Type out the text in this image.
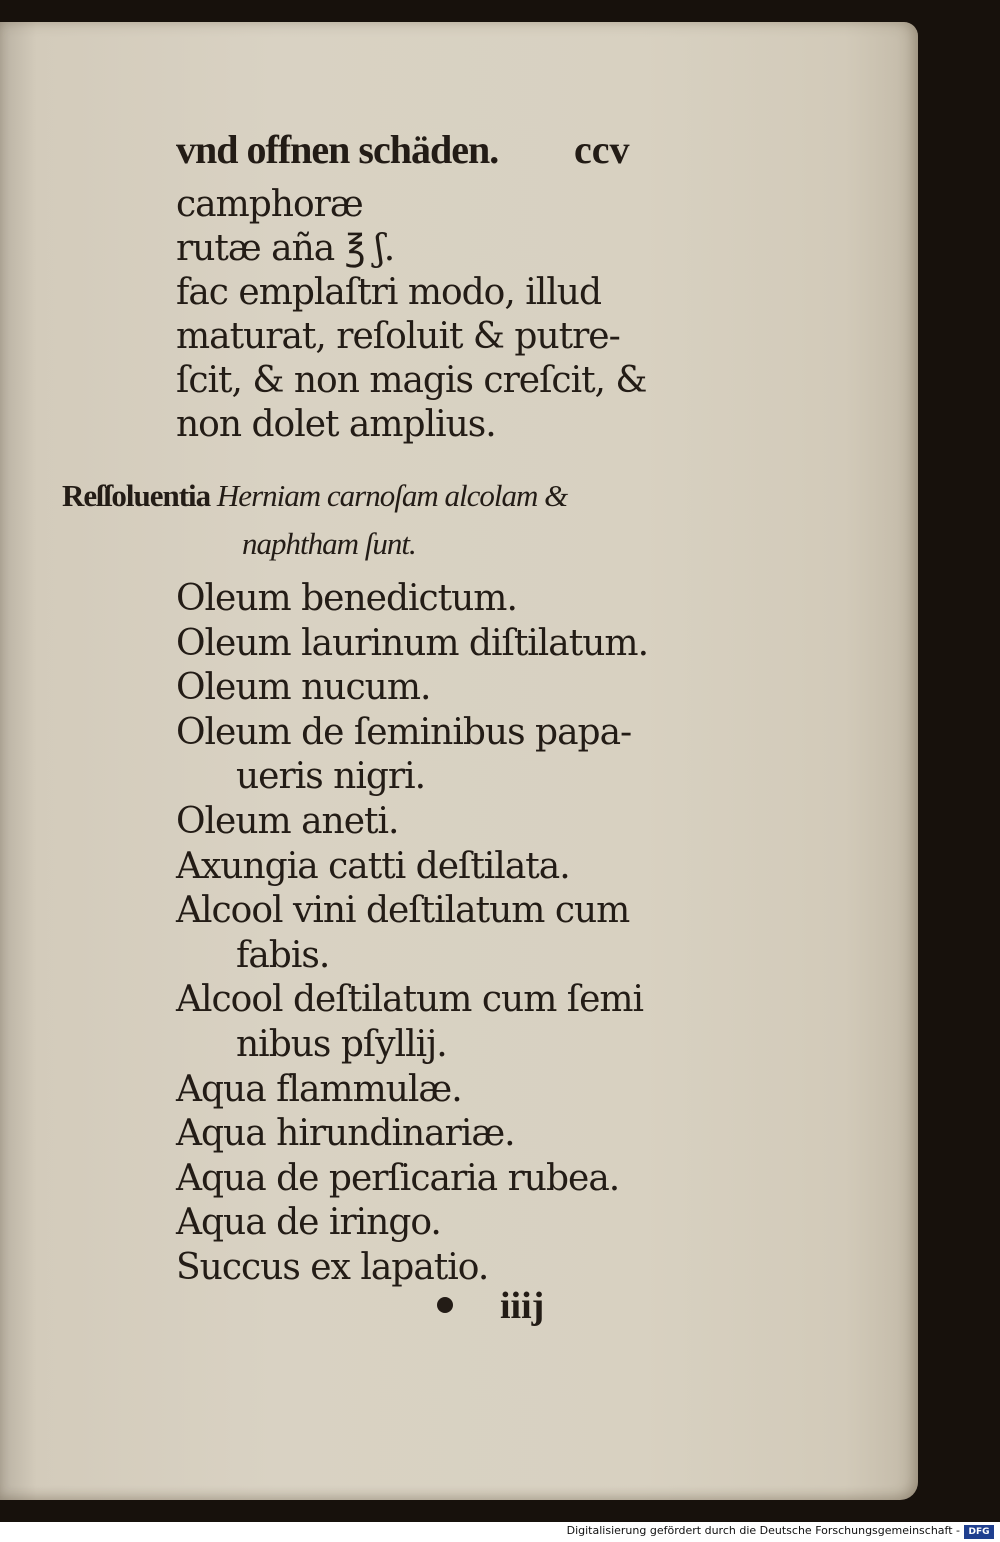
vnd offnen schäden. ccv
camphoræ
rutæ aña ℥ ʃ.
fac emplaſtri modo, illud
maturat, reſoluit & putre-
ſcit, & non magis creſcit, &
non dolet amplius.
Reſſoluentia Herniam carnoſam alcolam &
naphtham ſunt.
Oleum benedictum.
Oleum laurinum diſtilatum.
Oleum nucum.
Oleum de ſeminibus papa-
ueris nigri.
Oleum aneti.
Axungia catti deſtilata.
Alcool vini deſtilatum cum
fabis.
Alcool deſtilatum cum ſemi
nibus pſyllij.
Aqua flammulæ.
Aqua hirundinariæ.
Aqua de perſicaria rubea.
Aqua de iringo.
Succus ex lapatio.
iiij
Digitalisierung gefördert durch die Deutsche Forschungsgemeinschaft - DFG
